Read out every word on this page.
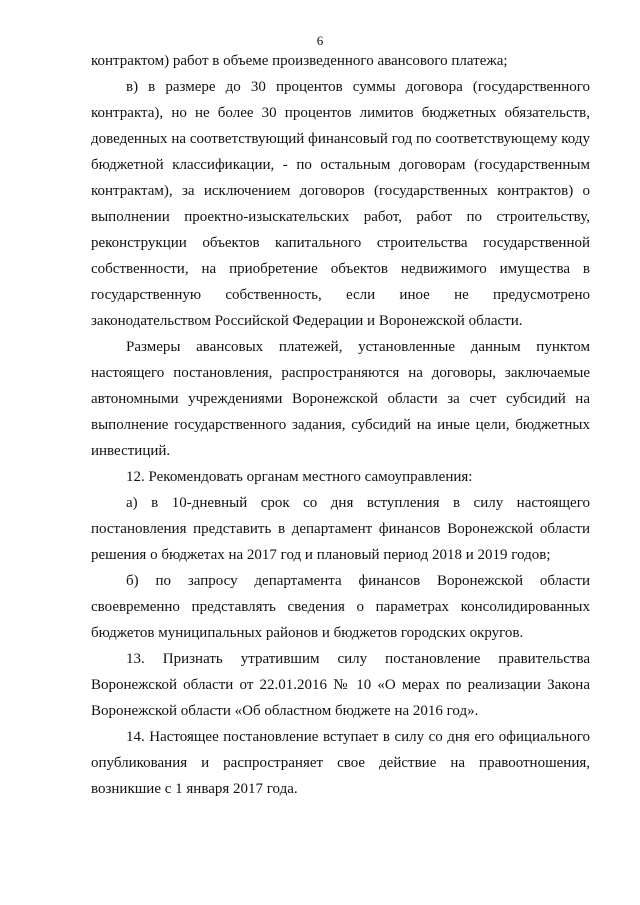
6

контрактом) работ в объеме произведенного авансового платежа;

в) в размере до 30 процентов суммы договора (государственного контракта), но не более 30 процентов лимитов бюджетных обязательств, доведенных на соответствующий финансовый год по соответствующему коду бюджетной классификации, - по остальным договорам (государственным контрактам), за исключением договоров (государственных контрактов) о выполнении проектно-изыскательских работ, работ по строительству, реконструкции объектов капитального строительства государственной собственности, на приобретение объектов недвижимого имущества в государственную собственность, если иное не предусмотрено законодательством Российской Федерации и Воронежской области.

Размеры авансовых платежей, установленные данным пунктом настоящего постановления, распространяются на договоры, заключаемые автономными учреждениями Воронежской области за счет субсидий на выполнение государственного задания, субсидий на иные цели, бюджетных инвестиций.

12. Рекомендовать органам местного самоуправления:

а) в 10-дневный срок со дня вступления в силу настоящего постановления представить в департамент финансов Воронежской области решения о бюджетах на 2017 год и плановый период 2018 и 2019 годов;

б) по запросу департамента финансов Воронежской области своевременно представлять сведения о параметрах консолидированных бюджетов муниципальных районов и бюджетов городских округов.

13. Признать утратившим силу постановление правительства Воронежской области от 22.01.2016 № 10 «О мерах по реализации Закона Воронежской области «Об областном бюджете на 2016 год».

14. Настоящее постановление вступает в силу со дня его официального опубликования и распространяет свое действие на правоотношения, возникшие с 1 января 2017 года.
